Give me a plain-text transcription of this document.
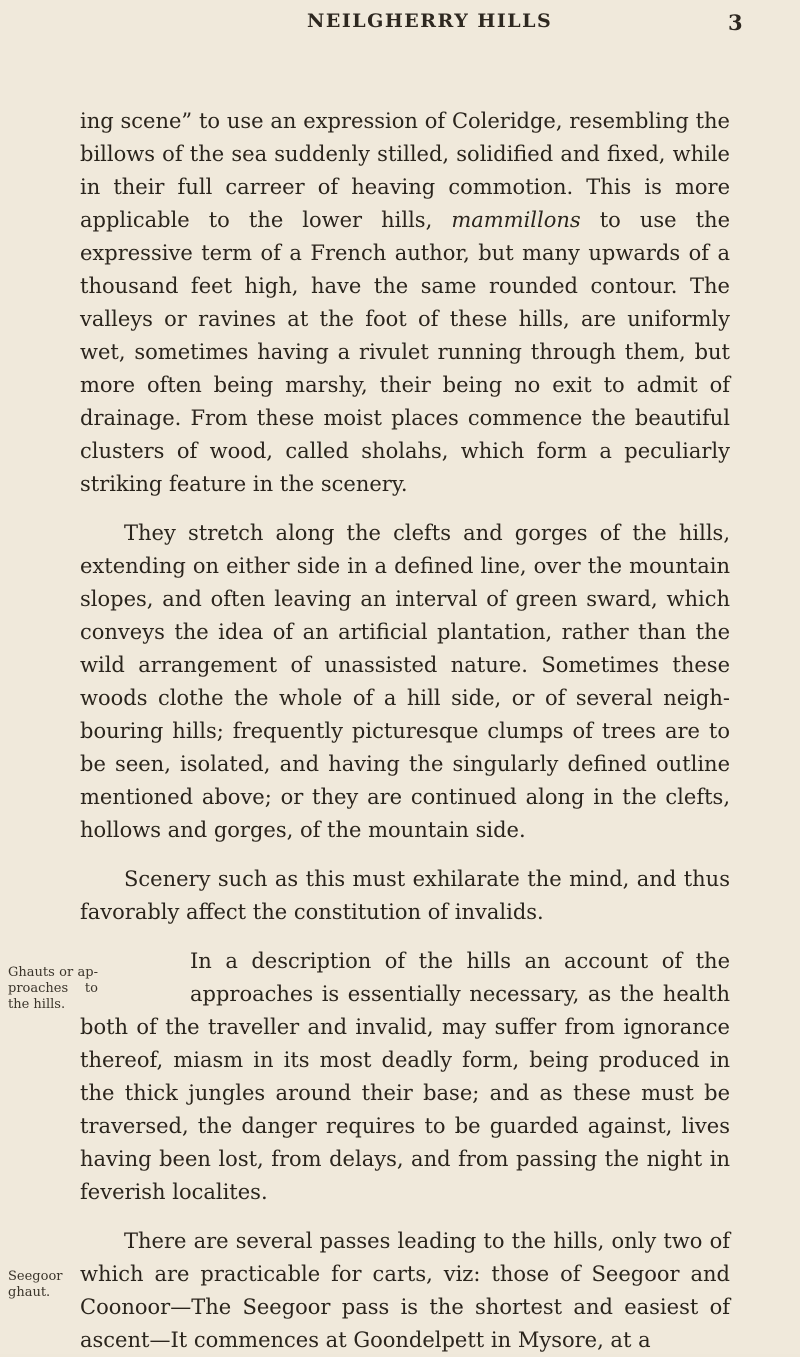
NEILGHERRY HILLS	3

ing scene” to use an expression of Coleridge, resembling the billows of the sea suddenly stilled, solidified and fixed, while in their full carreer of heaving commotion. This is more applicable to the lower hills, mammillons to use the expressive term of a French author, but many upwards of a thousand feet high, have the same rounded contour. The valleys or ravines at the foot of these hills, are uniformly wet, sometimes having a rivulet running through them, but more often being marshy, their being no exit to admit of drainage. From these moist places commence the beautiful clusters of wood, called sholahs, which form a peculiarly striking feature in the scenery.

They stretch along the clefts and gorges of the hills, extending on either side in a defined line, over the mountain slopes, and often leaving an interval of green sward, which conveys the idea of an artificial plantation, rather than the wild arrangement of unassisted nature. Sometimes these woods clothe the whole of a hill side, or of several neighbouring hills; frequently picturesque clumps of trees are to be seen, isolated, and having the singularly defined outline mentioned above; or they are continued along in the clefts, hollows and gorges, of the mountain side.

Scenery such as this must exhilarate the mind, and thus favorably affect the constitution of invalids.

Ghauts or approaches to the hills.

In a description of the hills an account of the approaches is essentially necessary, as the health both of the traveller and invalid, may suffer from ignorance thereof, miasm in its most deadly form, being produced in the thick jungles around their base; and as these must be traversed, the danger requires to be guarded against, lives having been lost, from delays, and from passing the night in feverish localites.

Seegoor ghaut.

There are several passes leading to the hills, only two of which are practicable for carts, viz: those of Seegoor and Coonoor—The Seegoor pass is the shortest and easiest of ascent—It commences at Goondelpett in Mysore, at a
